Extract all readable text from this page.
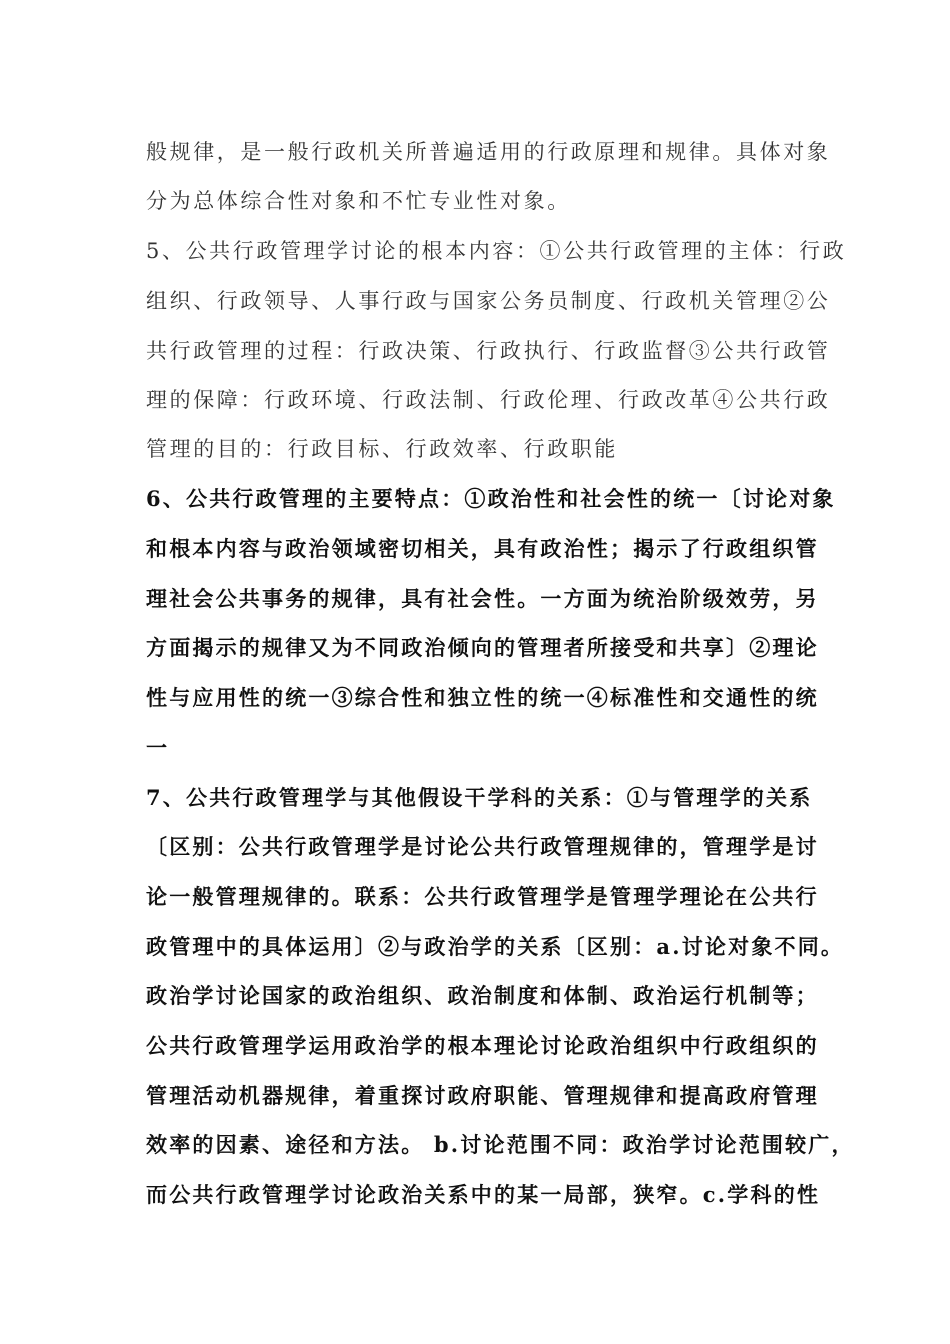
般规律，是一般行政机关所普遍适用的行政原理和规律。具体对象
分为总体综合性对象和不忙专业性对象。
5、公共行政管理学讨论的根本内容：①公共行政管理的主体：行政
组织、行政领导、人事行政与国家公务员制度、行政机关管理②公
共行政管理的过程：行政决策、行政执行、行政监督③公共行政管
理的保障：行政环境、行政法制、行政伦理、行政改革④公共行政
管理的目的：行政目标、行政效率、行政职能
6、公共行政管理的主要特点：①政治性和社会性的统一〔讨论对象
和根本内容与政治领域密切相关，具有政治性；揭示了行政组织管
理社会公共事务的规律，具有社会性。一方面为统治阶级效劳，另
方面揭示的规律又为不同政治倾向的管理者所接受和共享〕②理论
性与应用性的统一③综合性和独立性的统一④标准性和交通性的统
一
7、公共行政管理学与其他假设干学科的关系：①与管理学的关系
〔区别：公共行政管理学是讨论公共行政管理规律的，管理学是讨
论一般管理规律的。联系：公共行政管理学是管理学理论在公共行
政管理中的具体运用〕②与政治学的关系〔区别：a.讨论对象不同。
政治学讨论国家的政治组织、政治制度和体制、政治运行机制等；
公共行政管理学运用政治学的根本理论讨论政治组织中行政组织的
管理活动机器规律，着重探讨政府职能、管理规律和提高政府管理
效率的因素、途径和方法。 b.讨论范围不同：政治学讨论范围较广，
而公共行政管理学讨论政治关系中的某一局部，狭窄。c.学科的性
